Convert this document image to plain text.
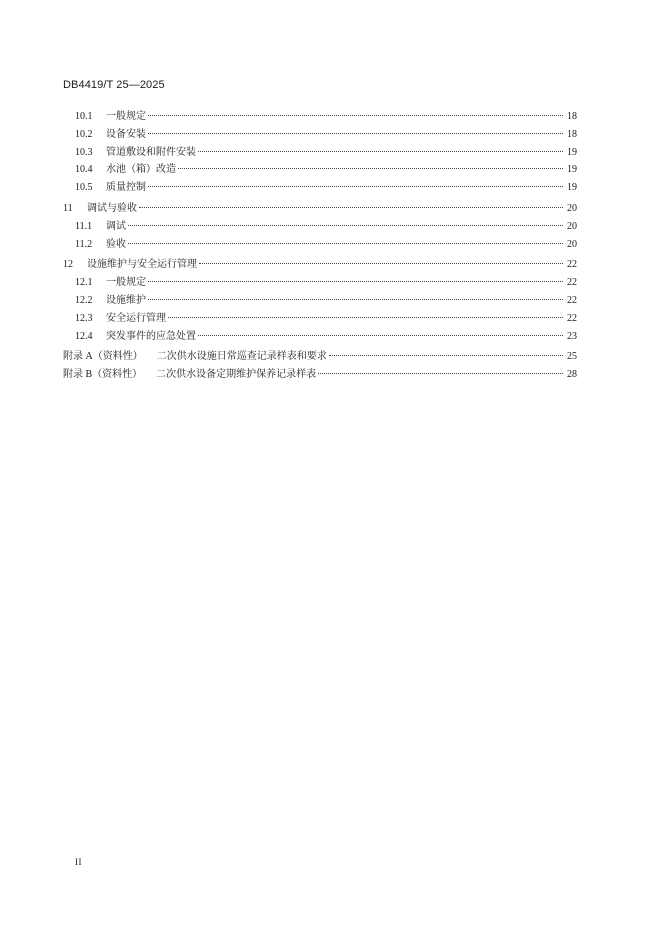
DB4419/T 25—2025
10.1	一般规定	18
10.2	设备安装	18
10.3	管道敷设和附件安装	19
10.4	水池（箱）改造	19
10.5	质量控制	19
11	调试与验收	20
11.1	调试	20
11.2	验收	20
12	设施维护与安全运行管理	22
12.1	一般规定	22
12.2	设施维护	22
12.3	安全运行管理	22
12.4	突发事件的应急处置	23
附录 A（资料性） 二次供水设施日常巡查记录样表和要求	25
附录 B（资料性） 二次供水设备定期维护保养记录样表	28
II
